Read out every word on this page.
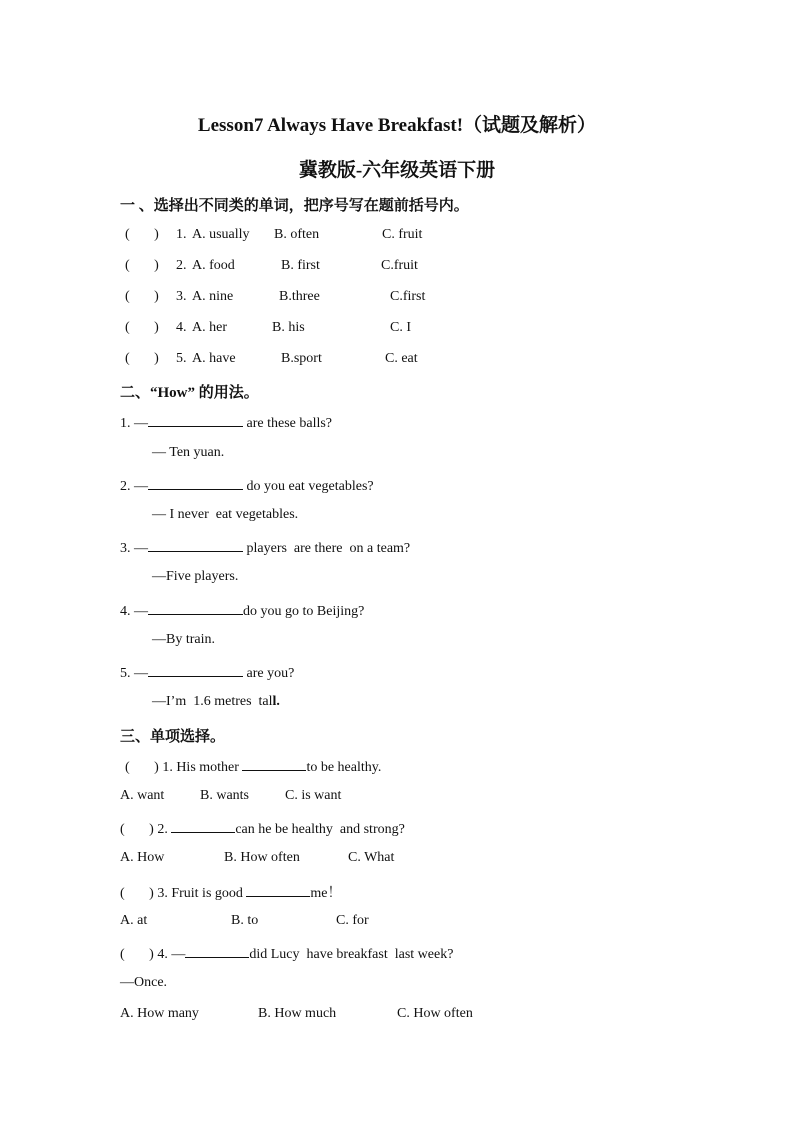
Lesson7 Always Have Breakfast!（试题及解析）
冀教版-六年级英语下册
一 、选择出不同类的单词，把序号写在题前括号内。
(       ) 1. A. usually B. often	C. fruit
(       ) 2. A. food	B. first	C.fruit
(       ) 3. A. nine	B.three	C.first
(       ) 4. A. her	B. his	C. I
(       ) 5. A. have	B.sport	C. eat
二、“How” 的用法。
1. —	are these balls?
— Ten yuan.
2. —	do you eat vegetables?
— I never  eat vegetables.
3. —	players  are there  on a team?
—Five players.
4. —	do you go to Beijing?
—By train.
5. —	are you?
—I’m  1.6 metres  tall.
三、单项选择。
(       ) 1. His mother	to be healthy.
A. want	B. wants	C. is want
(       ) 2.	can he be healthy  and strong?
A. How	B. How often	C. What
(       ) 3. Fruit is good	me！
A. at	B. to	C. for
(       ) 4. —	did Lucy  have breakfast  last week?
—Once.
A. How many	B. How much	C. How often
